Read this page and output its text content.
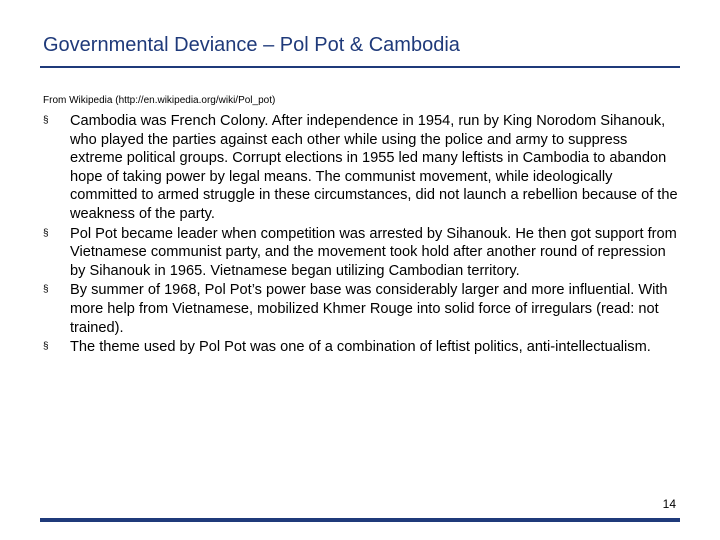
Governmental Deviance – Pol Pot & Cambodia
From Wikipedia (http://en.wikipedia.org/wiki/Pol_pot)
§ Cambodia was French Colony. After independence in 1954, run by King Norodom Sihanouk, who played the parties against each other while using the police and army to suppress extreme political groups. Corrupt elections in 1955 led many leftists in Cambodia to abandon hope of taking power by legal means. The communist movement, while ideologically committed to armed struggle in these circumstances, did not launch a rebellion because of the weakness of the party.
§ Pol Pot became leader when competition was arrested by Sihanouk. He then got support from Vietnamese communist party, and the movement took hold after another round of repression by Sihanouk in 1965. Vietnamese began utilizing Cambodian territory.
§ By summer of 1968, Pol Pot’s power base was considerably larger and more influential. With more help from Vietnamese, mobilized Khmer Rouge into solid force of irregulars (read: not trained).
§ The theme used by Pol Pot was one of a combination of leftist politics, anti-intellectualism.
14
